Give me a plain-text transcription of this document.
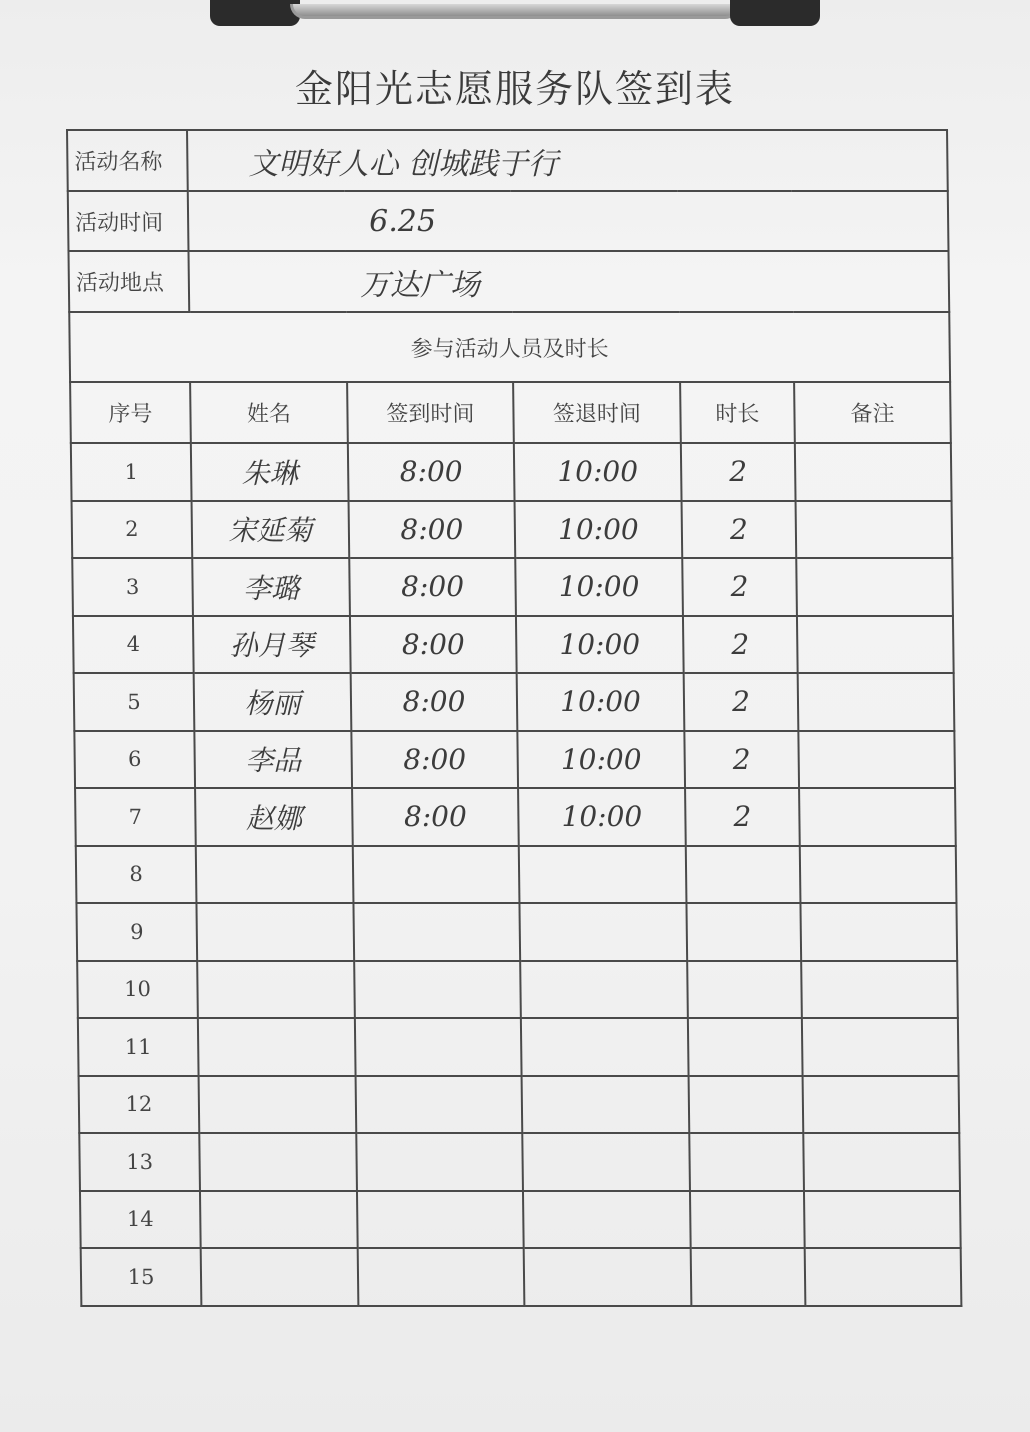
金阳光志愿服务队签到表
活动名称	文明好人心 创城践于行				
活动时间	6.25				
活动地点	万达广场				
参与活动人员及时长					
序号	姓名	签到时间	签退时间	时长	备注
1	朱琳	8:00	10:00	2	
2	宋延菊	8:00	10:00	2	
3	李璐	8:00	10:00	2	
4	孙月琴	8:00	10:00	2	
5	杨丽	8:00	10:00	2	
6	李品	8:00	10:00	2	
7	赵娜	8:00	10:00	2	
8					
9					
10					
11					
12					
13					
14					
15					
